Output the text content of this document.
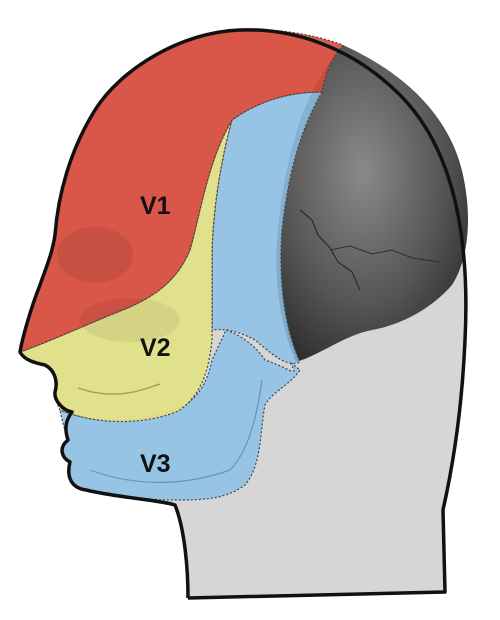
V1
V2
V3
